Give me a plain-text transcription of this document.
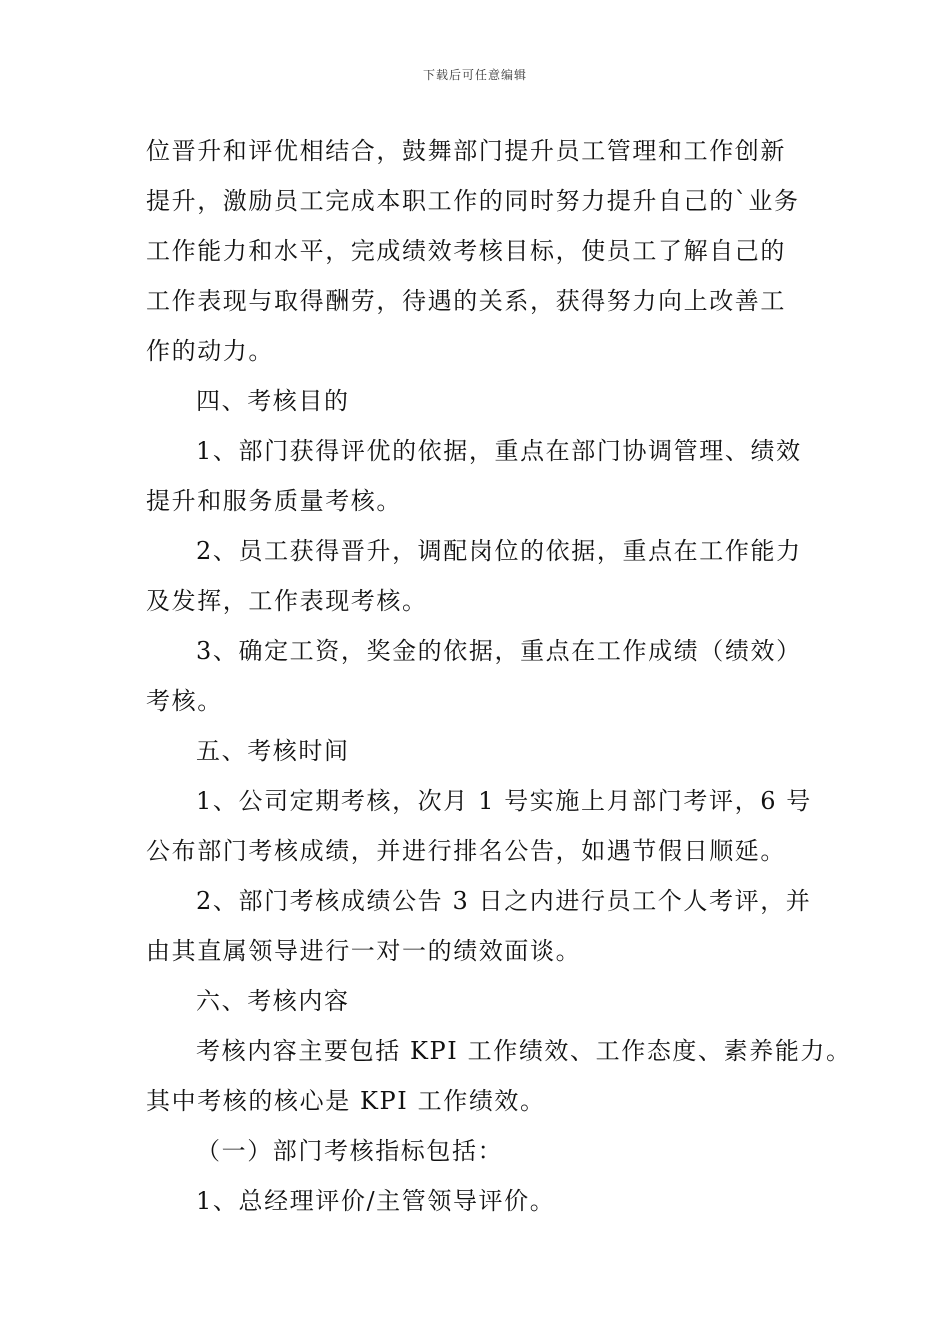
下载后可任意编辑

位晋升和评优相结合，鼓舞部门提升员工管理和工作创新

提升，激励员工完成本职工作的同时努力提升自己的`业务

工作能力和水平，完成绩效考核目标，使员工了解自己的

工作表现与取得酬劳，待遇的关系，获得努力向上改善工

作的动力。

四、考核目的

1、部门获得评优的依据，重点在部门协调管理、绩效

提升和服务质量考核。

2、员工获得晋升，调配岗位的依据，重点在工作能力

及发挥，工作表现考核。

3、确定工资，奖金的依据，重点在工作成绩（绩效）

考核。

五、考核时间

1、公司定期考核，次月 1 号实施上月部门考评，6 号

公布部门考核成绩，并进行排名公告，如遇节假日顺延。

2、部门考核成绩公告 3 日之内进行员工个人考评，并

由其直属领导进行一对一的绩效面谈。

六、考核内容

考核内容主要包括 KPI 工作绩效、工作态度、素养能力。

其中考核的核心是 KPI 工作绩效。

（一）部门考核指标包括：

1、总经理评价/主管领导评价。
